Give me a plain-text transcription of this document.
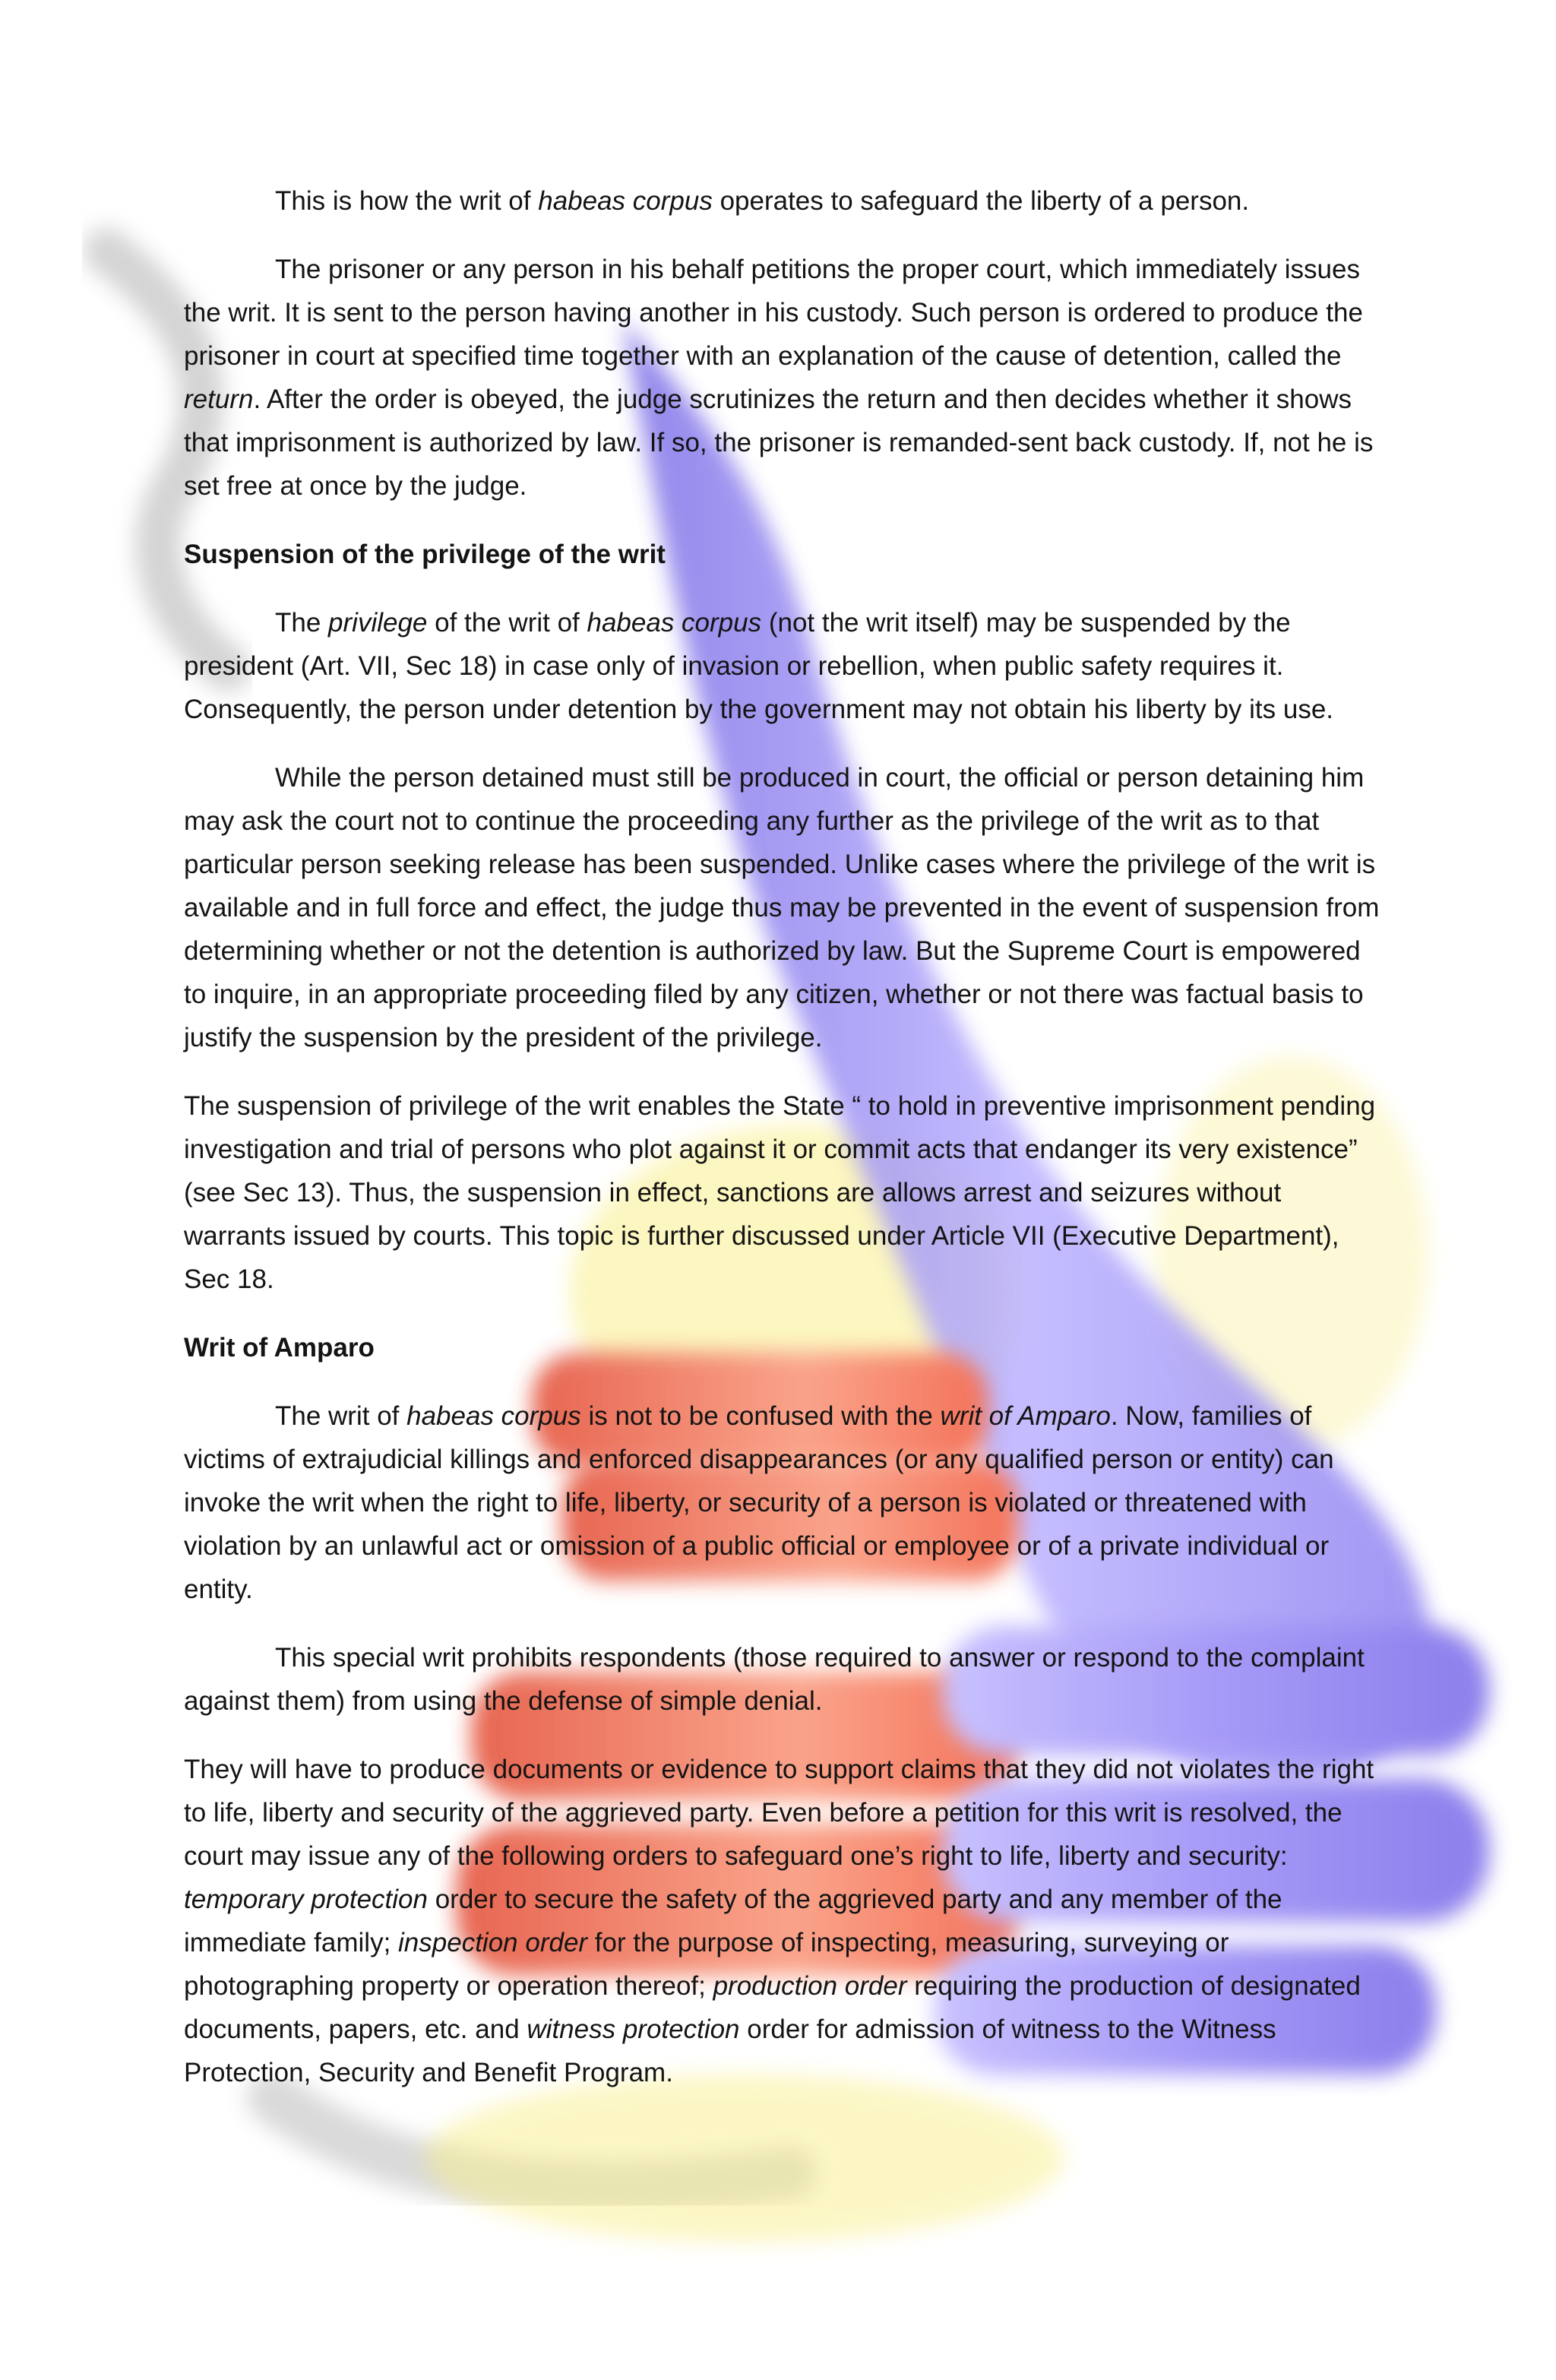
This is how the writ of habeas corpus operates to safeguard the liberty of a person.

The prisoner or any person in his behalf petitions the proper court, which immediately issues the writ. It is sent to the person having another in his custody. Such person is ordered to produce the prisoner in court at specified time together with an explanation of the cause of detention, called the return. After the order is obeyed, the judge scrutinizes the return and then decides whether it shows that imprisonment is authorized by law. If so, the prisoner is remanded-sent back custody. If, not he is set free at once by the judge.

Suspension of the privilege of the writ

The privilege of the writ of habeas corpus (not the writ itself) may be suspended by the president (Art. VII, Sec 18) in case only of invasion or rebellion, when public safety requires it. Consequently, the person under detention by the government may not obtain his liberty by its use.

While the person detained must still be produced in court, the official or person detaining him may ask the court not to continue the proceeding any further as the privilege of the writ as to that particular person seeking release has been suspended. Unlike cases where the privilege of the writ is available and in full force and effect, the judge thus may be prevented in the event of suspension from determining whether or not the detention is authorized by law. But the Supreme Court is empowered to inquire, in an appropriate proceeding filed by any citizen, whether or not there was factual basis to justify the suspension by the president of the privilege.

The suspension of privilege of the writ enables the State “ to hold in preventive imprisonment pending investigation and trial of persons who plot against it or commit acts that endanger its very existence” (see Sec 13). Thus, the suspension in effect, sanctions are allows arrest and seizures without warrants issued by courts. This topic is further discussed under Article VII (Executive Department), Sec 18.

Writ of Amparo

The writ of habeas corpus is not to be confused with the writ of Amparo. Now, families of victims of extrajudicial killings and enforced disappearances (or any qualified person or entity) can invoke the writ when the right to life, liberty, or security of a person is violated or threatened with violation by an unlawful act or omission of a public official or employee or of a private individual or entity.

This special writ prohibits respondents (those required to answer or respond to the complaint against them) from using the defense of simple denial.

They will have to produce documents or evidence to support claims that they did not violates the right to life, liberty and security of the aggrieved party. Even before a petition for this writ is resolved, the court may issue any of the following orders to safeguard one’s right to life, liberty and security: temporary protection order to secure the safety of the aggrieved party and any member of the immediate family; inspection order for the purpose of inspecting, measuring, surveying or photographing property or operation thereof; production order requiring the production of designated documents, papers, etc. and witness protection order for admission of witness to the Witness Protection, Security and Benefit Program.
